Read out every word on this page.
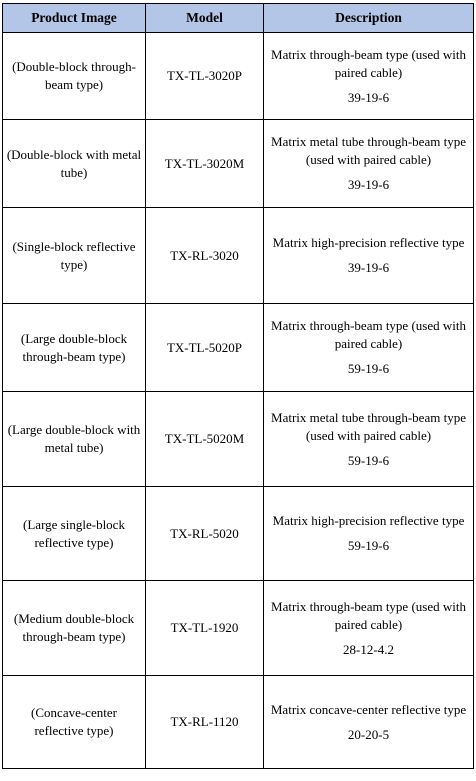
Product Image	Model	Description
(Double-block through-beam type)	TX-TL-3020P	Matrix through-beam type (used with paired cable)
39-19-6

(Double-block with metal tube)	TX-TL-3020M	Matrix metal tube through-beam type (used with paired cable)
39-19-6

(Single-block reflective type)	TX-RL-3020	Matrix high-precision reflective type
39-19-6

(Large double-block through-beam type)	TX-TL-5020P	Matrix through-beam type (used with paired cable)
59-19-6

(Large double-block with metal tube)	TX-TL-5020M	Matrix metal tube through-beam type (used with paired cable)
59-19-6

(Large single-block reflective type)	TX-RL-5020	Matrix high-precision reflective type
59-19-6

(Medium double-block through-beam type)	TX-TL-1920	Matrix through-beam type (used with paired cable)
28-12-4.2

(Concave-center reflective type)	TX-RL-1120	Matrix concave-center reflective type
20-20-5
